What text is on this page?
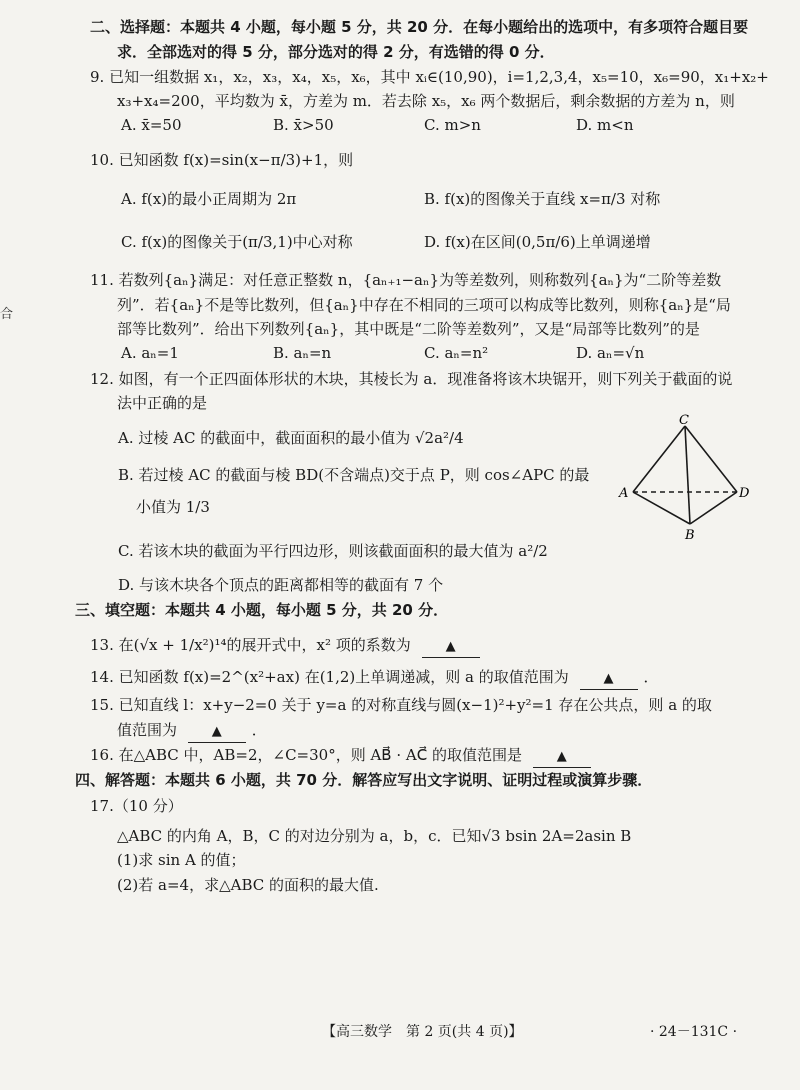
二、选择题：本题共 4 小题，每小题 5 分，共 20 分．在每小题给出的选项中，有多项符合题目要
求．全部选对的得 5 分，部分选对的得 2 分，有选错的得 0 分．
9. 已知一组数据 x₁，x₂，x₃，x₄，x₅，x₆，其中 xᵢ∈(10,90)，i=1,2,3,4，x₅=10，x₆=90，x₁+x₂+
x₃+x₄=200，平均数为 x̄，方差为 m．若去除 x₅，x₆ 两个数据后，剩余数据的方差为 n，则
A. x̄=50	B. x̄>50	C. m>n	D. m<n
10. 已知函数 f(x)=sin(x−π/3)+1，则
A. f(x)的最小正周期为 2π	B. f(x)的图像关于直线 x=π/3 对称
C. f(x)的图像关于(π/3,1)中心对称	D. f(x)在区间(0,5π/6)上单调递增
11. 若数列{aₙ}满足：对任意正整数 n，{aₙ₊₁−aₙ}为等差数列，则称数列{aₙ}为“二阶等差数
列”．若{aₙ}不是等比数列，但{aₙ}中存在不相同的三项可以构成等比数列，则称{aₙ}是“局
部等比数列”．给出下列数列{aₙ}，其中既是“二阶等差数列”，又是“局部等比数列”的是
A. aₙ=1	B. aₙ=n	C. aₙ=n²	D. aₙ=√n
12. 如图，有一个正四面体形状的木块，其棱长为 a．现准备将该木块锯开，则下列关于截面的说
法中正确的是
A. 过棱 AC 的截面中，截面面积的最小值为 √2a²/4
B. 若过棱 AC 的截面与棱 BD(不含端点)交于点 P，则 cos∠APC 的最
小值为 1/3
C. 若该木块的截面为平行四边形，则该截面面积的最大值为 a²/2
D. 与该木块各个顶点的距离都相等的截面有 7 个
C
A	D
B
三、填空题：本题共 4 小题，每小题 5 分，共 20 分．
13. 在(√x + 1/x²)¹⁴的展开式中，x² 项的系数为	▲
14. 已知函数 f(x)=2^(x²+ax) 在(1,2)上单调递减，则 a 的取值范围为	▲ ．
15. 已知直线 l：x+y−2=0 关于 y=a 的对称直线与圆(x−1)²+y²=1 存在公共点，则 a 的取
值范围为	▲ ．
16. 在△ABC 中，AB=2，∠C=30°，则 AB⃗ · AC⃗ 的取值范围是	▲
四、解答题：本题共 6 小题，共 70 分．解答应写出文字说明、证明过程或演算步骤．
17.（10 分）
△ABC 的内角 A，B，C 的对边分别为 a，b，c．已知√3 bsin 2A=2asin B
(1)求 sin A 的值；
(2)若 a=4，求△ABC 的面积的最大值.
合
【高三数学　第 2 页(共 4 页)】	· 24－131C ·
